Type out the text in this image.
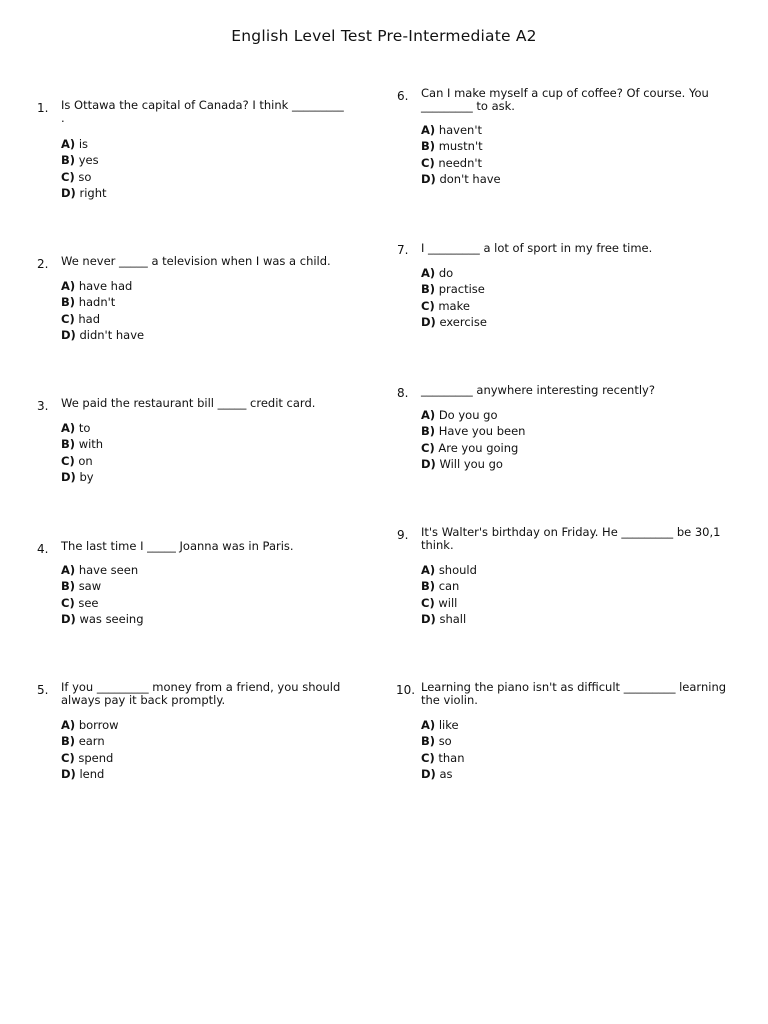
English Level Test Pre-Intermediate A2
1. Is Ottawa the capital of Canada? I think _________
.
A) is
B) yes
C) so
D) right
2. We never _____ a television when I was a child.
A) have had
B) hadn't
C) had
D) didn't have
3. We paid the restaurant bill _____ credit card.
A) to
B) with
C) on
D) by
4. The last time I _____ Joanna was in Paris.
A) have seen
B) saw
C) see
D) was seeing
5. If you _________ money from a friend, you should
always pay it back promptly.
A) borrow
B) earn
C) spend
D) lend
6. Can I make myself a cup of coffee? Of course. You
_________ to ask.
A) haven't
B) mustn't
C) needn't
D) don't have
7. I _________ a lot of sport in my free time.
A) do
B) practise
C) make
D) exercise
8. _________ anywhere interesting recently?
A) Do you go
B) Have you been
C) Are you going
D) Will you go
9. It's Walter's birthday on Friday. He _________ be 30,1
think.
A) should
B) can
C) will
D) shall
10. Learning the piano isn't as difficult _________ learning
the violin.
A) like
B) so
C) than
D) as
